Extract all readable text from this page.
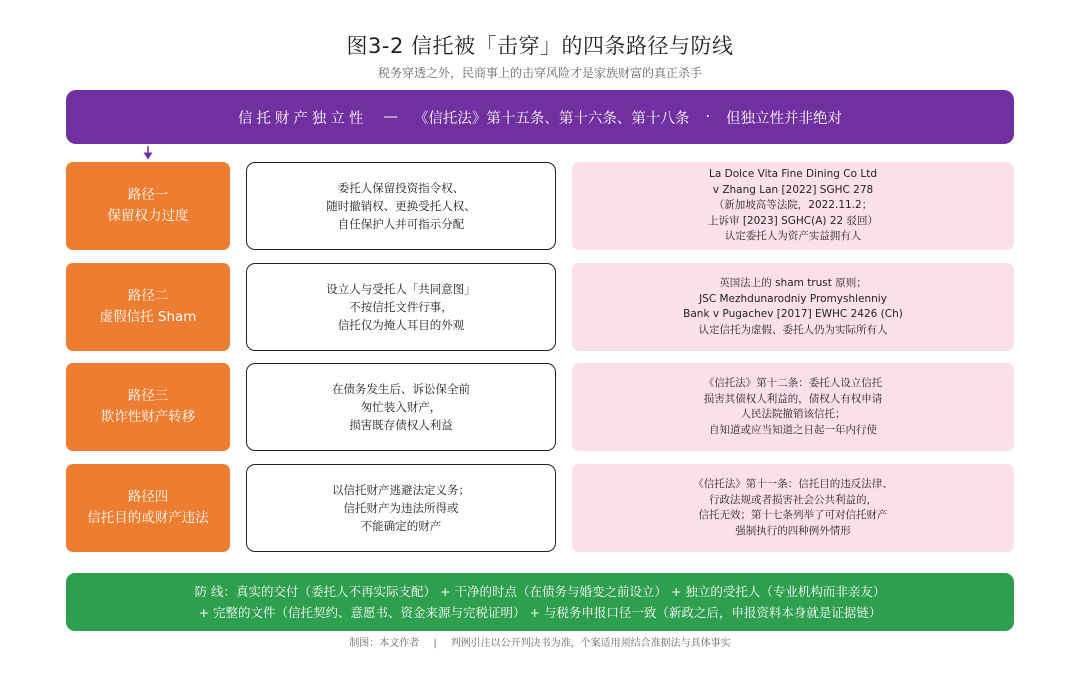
图3-2 信托被「击穿」的四条路径与防线
税务穿透之外，民商事上的击穿风险才是家族财富的真正杀手
信托财产独立性 — 《信托法》第十五条、第十六条、第十八条 · 但独立性并非绝对
路径一
保留权力过度
委托人保留投资指令权、
随时撤销权、更换受托人权、
自任保护人并可指示分配
La Dolce Vita Fine Dining Co Ltd
v Zhang Lan [2022] SGHC 278
（新加坡高等法院，2022.11.2；
上诉审 [2023] SGHC(A) 22 驳回）
认定委托人为资产实益拥有人
路径二
虚假信托 Sham
设立人与受托人「共同意图」
不按信托文件行事，
信托仅为掩人耳目的外观
英国法上的 sham trust 原则；
JSC Mezhdunarodniy Promyshlenniy
Bank v Pugachev [2017] EWHC 2426 (Ch)
认定信托为虚假、委托人仍为实际所有人
路径三
欺诈性财产转移
在债务发生后、诉讼保全前
匆忙装入财产，
损害既存债权人利益
《信托法》第十二条：委托人设立信托
损害其债权人利益的，债权人有权申请
人民法院撤销该信托；
自知道或应当知道之日起一年内行使
路径四
信托目的或财产违法
以信托财产逃避法定义务；
信托财产为违法所得或
不能确定的财产
《信托法》第十一条：信托目的违反法律、
行政法规或者损害社会公共利益的，
信托无效；第十七条列举了可对信托财产
强制执行的四种例外情形
防 线：真实的交付（委托人不再实际支配） + 干净的时点（在债务与婚变之前设立） + 独立的受托人（专业机构而非亲友）
+ 完整的文件（信托契约、意愿书、资金来源与完税证明） + 与税务申报口径一致（新政之后，申报资料本身就是证据链）
制图：本文作者 | 判例引注以公开判决书为准，个案适用须结合准据法与具体事实
